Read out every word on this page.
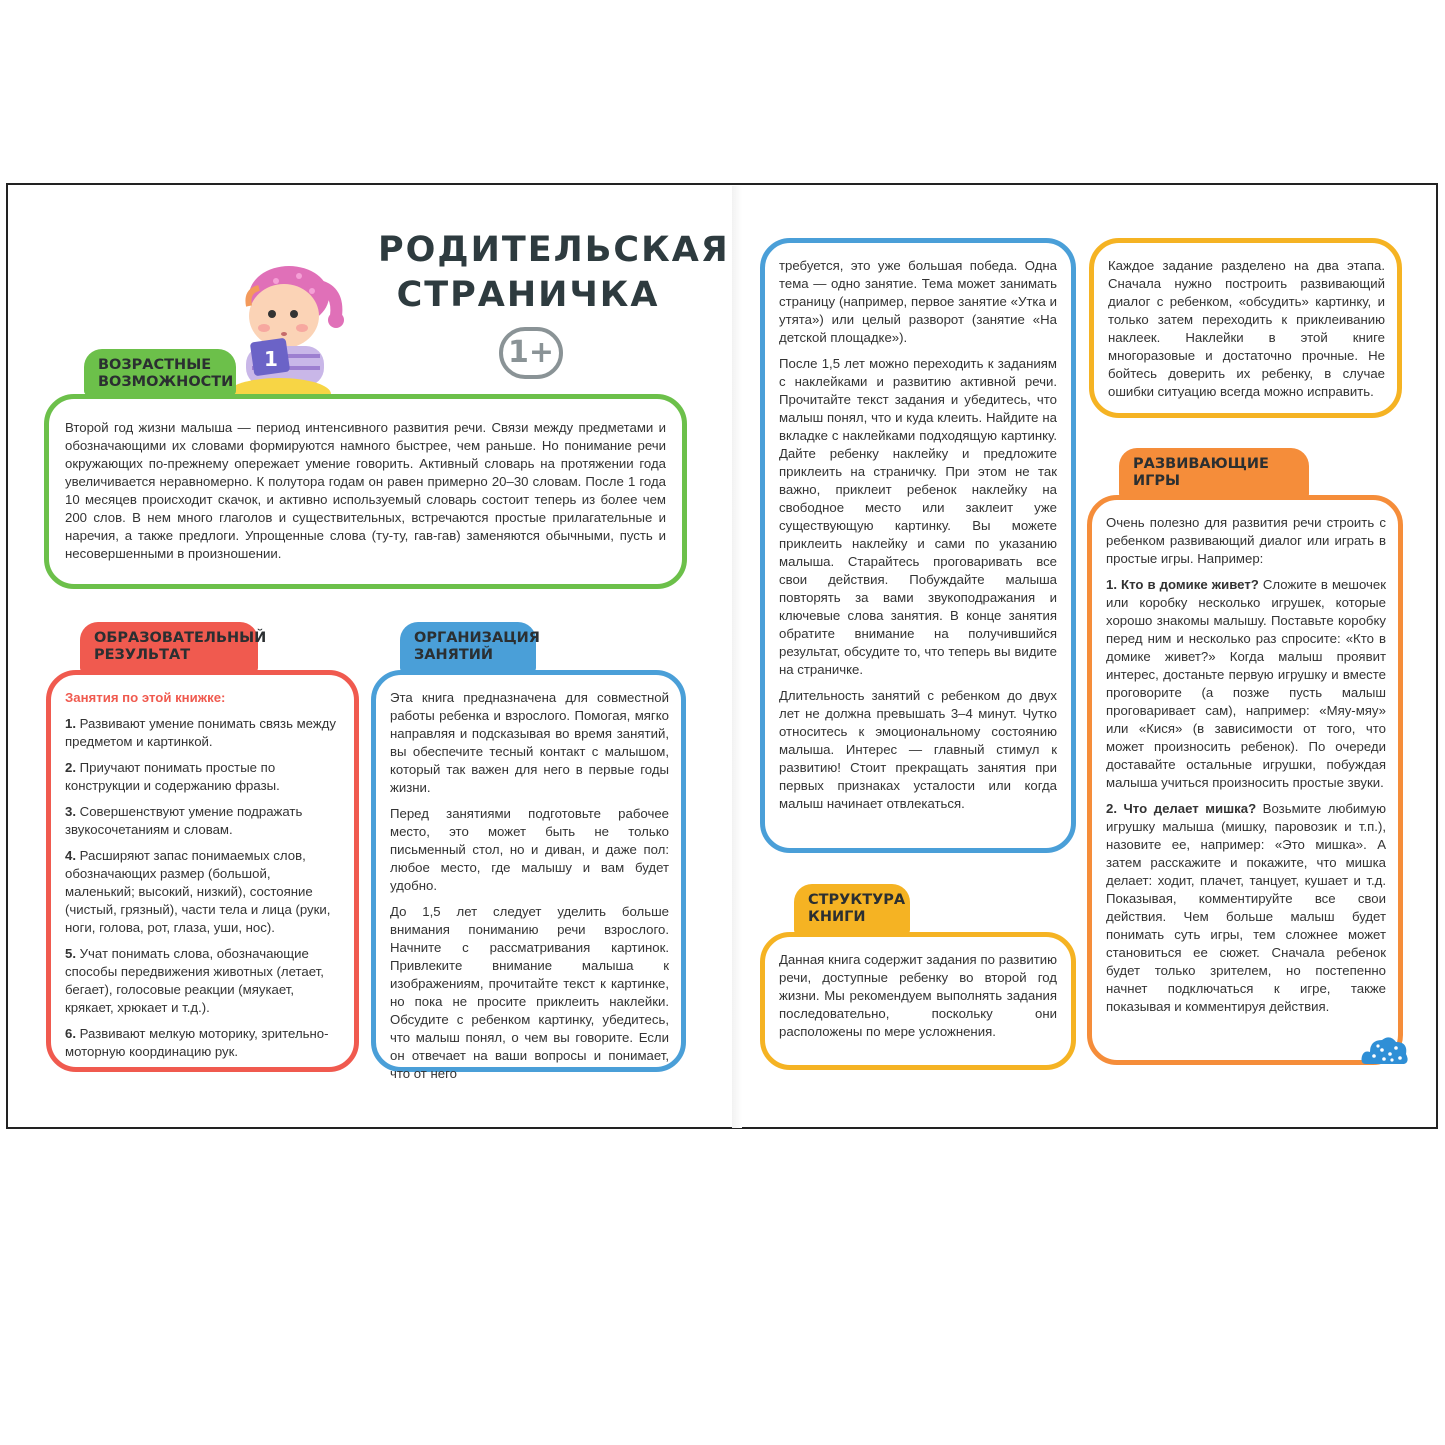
1
РОДИТЕЛЬСКАЯ
СТРАНИЧКА
1+
ВОЗРАСТНЫЕ
ВОЗМОЖНОСТИ

Второй год жизни малыша — период интенсивного развития речи. Связи между предметами и обозначающими их словами формируются намного быстрее, чем раньше. Но понимание речи окружающих по-прежнему опережает умение говорить. Активный словарь на протяжении года увеличивается неравномерно. К полутора годам он равен примерно 20–30 словам. После 1 года 10 месяцев происходит скачок, и активно используемый словарь состоит теперь из более чем 200 слов. В нем много глаголов и существительных, встречаются простые прилагательные и наречия, а также предлоги. Упрощенные слова (ту-ту, гав-гав) заменяются обычными, пусть и несовершенными в произношении.

ОБРАЗОВАТЕЛЬНЫЙ
РЕЗУЛЬТАТ

Занятия по этой книжке:

1. Развивают умение понимать связь между предметом и картинкой.

2. Приучают понимать простые по конструкции и содержанию фразы.

3. Совершенствуют умение подражать звукосочетаниям и словам.

4. Расширяют запас понимаемых слов, обозначающих размер (большой, маленький; высокий, низкий), состояние (чистый, грязный), части тела и лица (руки, ноги, голова, рот, глаза, уши, нос).

5. Учат понимать слова, обозначающие способы передвижения животных (летает, бегает), голосовые реакции (мяукает, крякает, хрюкает и т.д.).

6. Развивают мелкую моторику, зрительно-моторную координацию рук.

ОРГАНИЗАЦИЯ
ЗАНЯТИЙ

Эта книга предназначена для совместной работы ребенка и взрослого. Помогая, мягко направляя и подсказывая во время занятий, вы обеспечите тесный контакт с малышом, который так важен для него в первые годы жизни.

Перед занятиями подготовьте рабочее место, это может быть не только письменный стол, но и диван, и даже пол: любое место, где малышу и вам будет удобно.

До 1,5 лет следует уделить больше внимания пониманию речи взрослого. Начните с рассматривания картинок. Привлеките внимание малыша к изображениям, прочитайте текст к картинке, но пока не просите приклеить наклейки. Обсудите с ребенком картинку, убедитесь, что малыш понял, о чем вы говорите. Если он отвечает на ваши вопросы и понимает, что от него

требуется, это уже большая победа. Одна тема — одно занятие. Тема может занимать страницу (например, первое занятие «Утка и утята») или целый разворот (занятие «На детской площадке»).

После 1,5 лет можно переходить к заданиям с наклейками и развитию активной речи. Прочитайте текст задания и убедитесь, что малыш понял, что и куда клеить. Найдите на вкладке с наклейками подходящую картинку. Дайте ребенку наклейку и предложите приклеить на страничку. При этом не так важно, приклеит ребенок наклейку на свободное место или заклеит уже существующую картинку. Вы можете приклеить наклейку и сами по указанию малыша. Старайтесь проговаривать все свои действия. Побуждайте малыша повторять за вами звукоподражания и ключевые слова занятия. В конце занятия обратите внимание на получившийся результат, обсудите то, что теперь вы видите на страничке.

Длительность занятий с ребенком до двух лет не должна превышать 3–4 минут. Чутко относитесь к эмоциональному состоянию малыша. Интерес — главный стимул к развитию! Стоит прекращать занятия при первых признаках усталости или когда малыш начинает отвлекаться.

СТРУКТУРА
КНИГИ

Данная книга содержит задания по развитию речи, доступные ребенку во второй год жизни. Мы рекомендуем выполнять задания последовательно, поскольку они расположены по мере усложнения.

Каждое задание разделено на два этапа. Сначала нужно построить развивающий диалог с ребенком, «обсудить» картинку, и только затем переходить к приклеиванию наклеек. Наклейки в этой книге многоразовые и достаточно прочные. Не бойтесь доверить их ребенку, в случае ошибки ситуацию всегда можно исправить.

РАЗВИВАЮЩИЕ
ИГРЫ

Очень полезно для развития речи строить с ребенком развивающий диалог или играть в простые игры. Например:

1. Кто в домике живет? Сложите в мешочек или коробку несколько игрушек, которые хорошо знакомы малышу. Поставьте коробку перед ним и несколько раз спросите: «Кто в домике живет?» Когда малыш проявит интерес, достаньте первую игрушку и вместе проговорите (а позже пусть малыш проговаривает сам), например: «Мяу-мяу» или «Кися» (в зависимости от того, что может произносить ребенок). По очереди доставайте остальные игрушки, побуждая малыша учиться произносить простые звуки.

2. Что делает мишка? Возьмите любимую игрушку малыша (мишку, паровозик и т.п.), назовите ее, например: «Это мишка». А затем расскажите и покажите, что мишка делает: ходит, плачет, танцует, кушает и т.д. Показывая, комментируйте все свои действия. Чем больше малыш будет понимать суть игры, тем сложнее может становиться ее сюжет. Сначала ребенок будет только зрителем, но постепенно начнет подключаться к игре, также показывая и комментируя действия.
